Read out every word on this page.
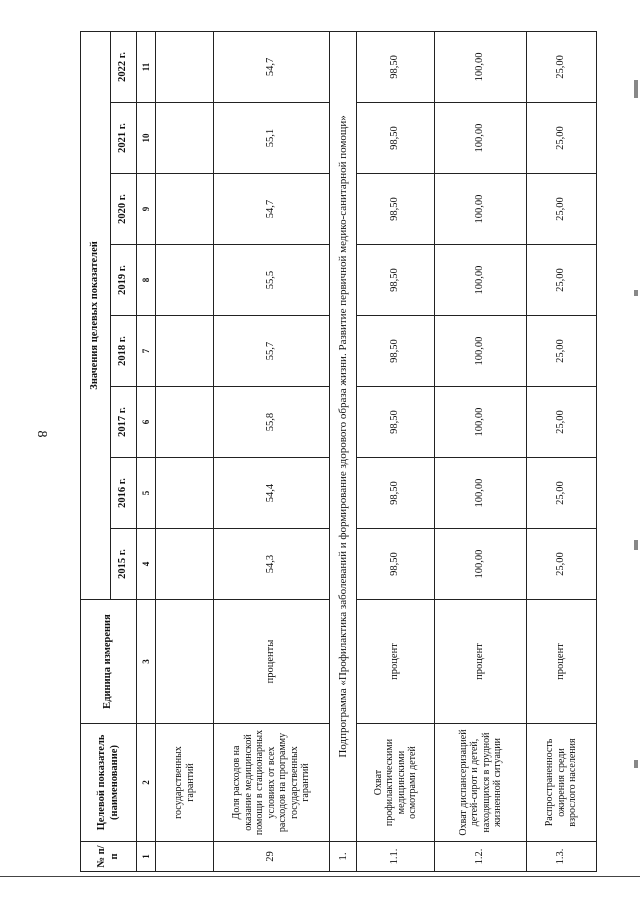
8
№ п/п	Целевой показатель (наименование)	Единица измерения	Значения целевых показателей							
			2015 г.	2016 г.	2017 г.	2018 г.	2019 г.	2020 г.	2021 г.	2022 г.
1	2	3	4	5	6	7	8	9	10	11
	государственных гарантий									
29	Доля расходов на оказание медицинской помощи в стационарных условиях от всех расходов на программу государственных гарантий	проценты	54,3	54,4	55,8	55,7	55,5	54,7	55,1	54,7
1.	Подпрограмма «Профилактика заболеваний и формирование здорового образа жизни. Развитие первичной медико-санитарной помощи»									
1.1.	Охват профилактическими медицинскими осмотрами детей	процент	98,50	98,50	98,50	98,50	98,50	98,50	98,50	98,50
1.2.	Охват диспансеризацией детей-сирот и детей, находящихся в трудной жизненной ситуации	процент	100,00	100,00	100,00	100,00	100,00	100,00	100,00	100,00
1.3.	Распространенность ожирения среди взрослого населения	процент	25,00	25,00	25,00	25,00	25,00	25,00	25,00	25,00
